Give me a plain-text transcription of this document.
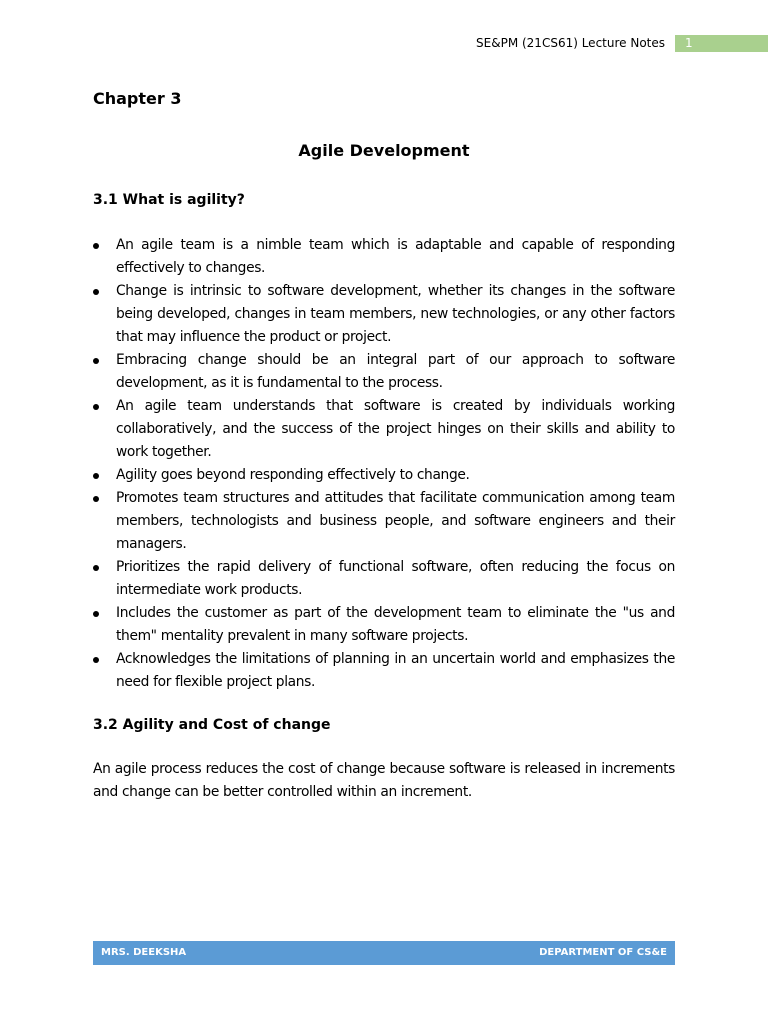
SE&PM (21CS61) Lecture Notes 1
Chapter 3
Agile Development
3.1 What is agility?
An agile team is a nimble team which is adaptable and capable of responding effectively to changes.
Change is intrinsic to software development, whether its changes in the software being developed, changes in team members, new technologies, or any other factors that may influence the product or project.
Embracing change should be an integral part of our approach to software development, as it is fundamental to the process.
An agile team understands that software is created by individuals working collaboratively, and the success of the project hinges on their skills and ability to work together.
Agility goes beyond responding effectively to change.
Promotes team structures and attitudes that facilitate communication among team members, technologists and business people, and software engineers and their managers.
Prioritizes the rapid delivery of functional software, often reducing the focus on intermediate work products.
Includes the customer as part of the development team to eliminate the "us and them" mentality prevalent in many software projects.
Acknowledges the limitations of planning in an uncertain world and emphasizes the need for flexible project plans.
3.2 Agility and Cost of change

An agile process reduces the cost of change because software is released in increments and change can be better controlled within an increment.

MRS. DEEKSHA	DEPARTMENT OF CS&E
